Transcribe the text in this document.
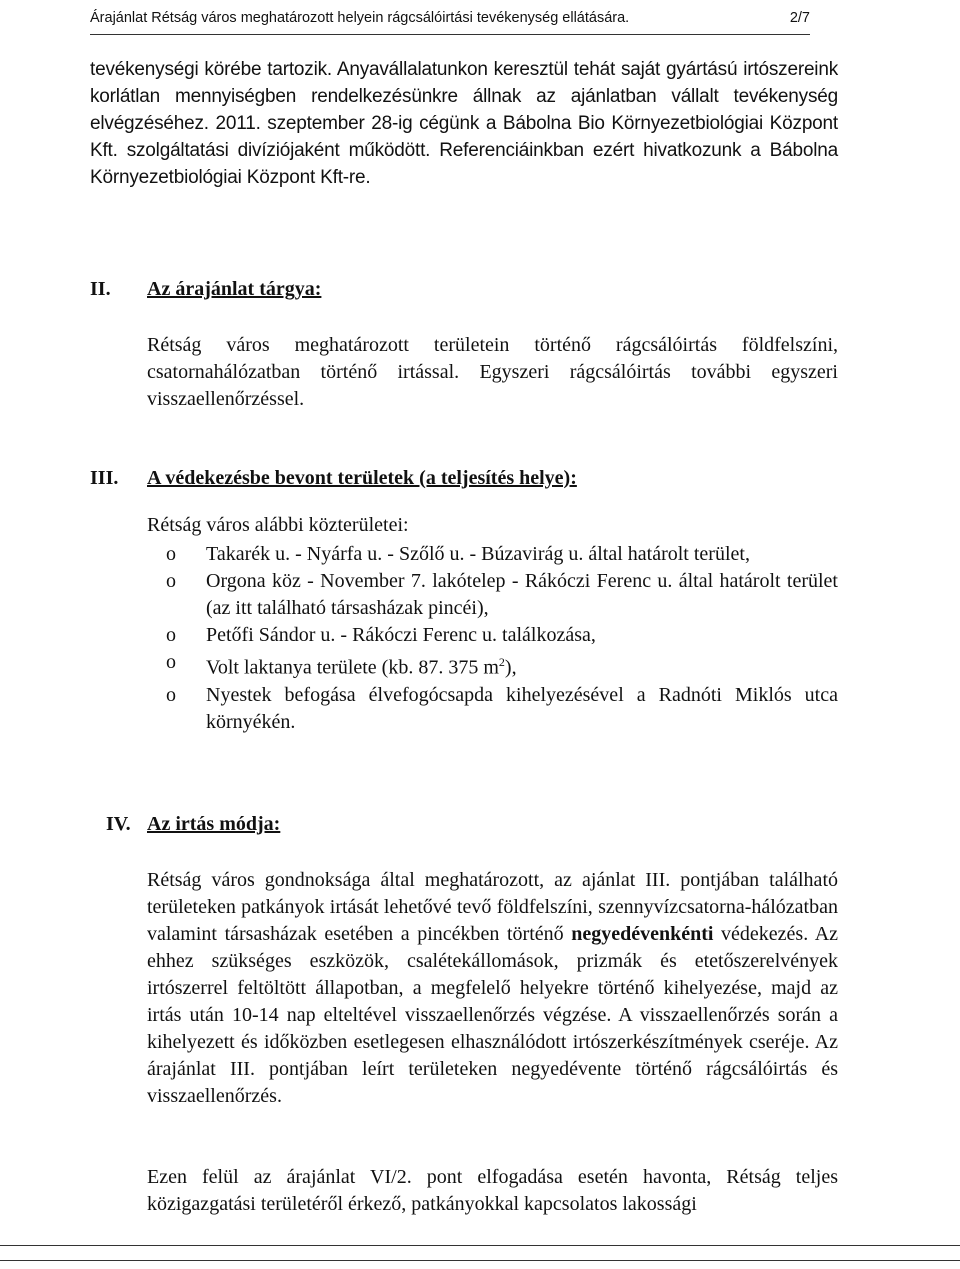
Árajánlat Rétság város meghatározott helyein rágcsálóirtási tevékenység ellátására.	2/7

tevékenységi körébe tartozik. Anyavállalatunkon keresztül tehát saját gyártású irtószereink korlátlan mennyiségben rendelkezésünkre állnak az ajánlatban vállalt tevékenység elvégzéséhez. 2011. szeptember 28-ig cégünk a Bábolna Bio Környezetbiológiai Központ Kft. szolgáltatási divíziójaként működött. Referenciáinkban ezért hivatkozunk a Bábolna Környezetbiológiai Központ Kft-re.

II. Az árajánlat tárgya:

Rétság város meghatározott területein történő rágcsálóirtás földfelszíni, csatornahálózatban történő irtással. Egyszeri rágcsálóirtás további egyszeri visszaellenőrzéssel.

III. A védekezésbe bevont területek (a teljesítés helye):

Rétság város alábbi közterületei:

o Takarék u. - Nyárfa u. - Szőlő u. - Búzavirág u. által határolt terület,
o Orgona köz - November 7. lakótelep - Rákóczi Ferenc u. által határolt terület (az itt található társasházak pincéi),
o Petőfi Sándor u. - Rákóczi Ferenc u. találkozása,
o Volt laktanya területe (kb. 87. 375 $m^2$),
o Nyestek befogása élvefogócsapda kihelyezésével a Radnóti Miklós utca környékén.
IV. Az irtás módja:

Rétság város gondnoksága által meghatározott, az ajánlat III. pontjában található területeken patkányok irtását lehetővé tevő földfelszíni, szennyvízcsatorna-hálózatban valamint társasházak esetében a pincékben történő negyedévenkénti védekezés. Az ehhez szükséges eszközök, csalétekállomások, prizmák és etetőszerelvények irtószerrel feltöltött állapotban, a megfelelő helyekre történő kihelyezése, majd az irtás után 10-14 nap elteltével visszaellenőrzés végzése. A visszaellenőrzés során a kihelyezett és időközben esetlegesen elhasználódott irtószerkészítmények cseréje. Az árajánlat III. pontjában leírt területeken negyedévente történő rágcsálóirtás és visszaellenőrzés.

Ezen felül az árajánlat VI/2. pont elfogadása esetén havonta, Rétság teljes közigazgatási területéről érkező, patkányokkal kapcsolatos lakossági
